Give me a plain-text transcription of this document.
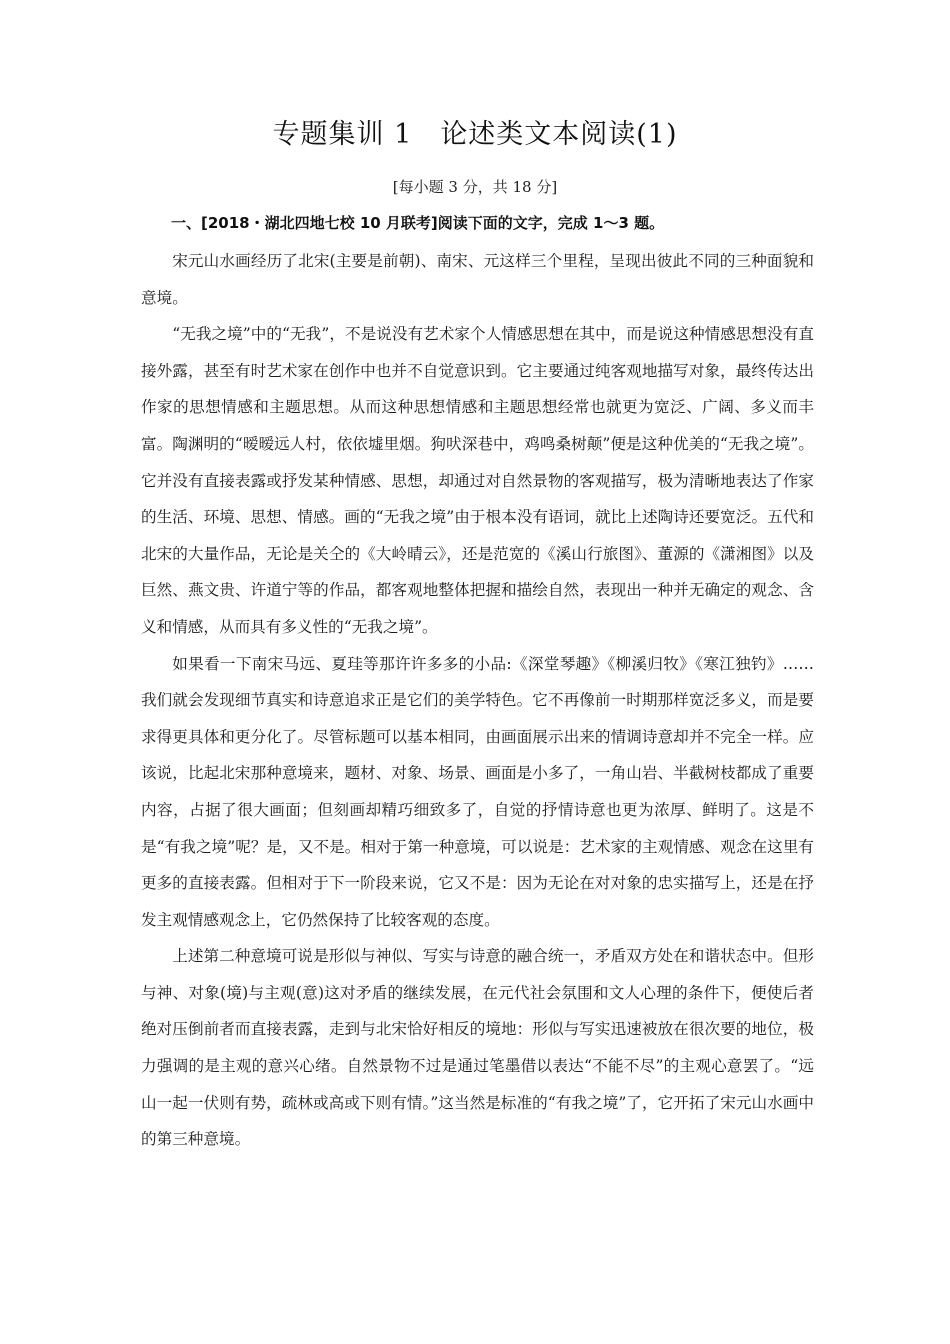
专题集训 1　论述类文本阅读(1)
[每小题 3 分，共 18 分]
一、[2018・湖北四地七校 10 月联考]阅读下面的文字，完成 1～3 题。

宋元山水画经历了北宋(主要是前朝)、南宋、元这样三个里程，呈现出彼此不同的三种面貌和意境。

“无我之境”中的“无我”，不是说没有艺术家个人情感思想在其中，而是说这种情感思想没有直接外露，甚至有时艺术家在创作中也并不自觉意识到。它主要通过纯客观地描写对象，最终传达出作家的思想情感和主题思想。从而这种思想情感和主题思想经常也就更为宽泛、广阔、多义而丰富。陶渊明的“暧暧远人村，依依墟里烟。狗吠深巷中，鸡鸣桑树颠”便是这种优美的“无我之境”。它并没有直接表露或抒发某种情感、思想，却通过对自然景物的客观描写，极为清晰地表达了作家的生活、环境、思想、情感。画的“无我之境”由于根本没有语词，就比上述陶诗还要宽泛。五代和北宋的大量作品，无论是关仝的《大岭晴云》，还是范宽的《溪山行旅图》、董源的《潇湘图》以及巨然、燕文贵、许道宁等的作品，都客观地整体把握和描绘自然，表现出一种并无确定的观念、含义和情感，从而具有多义性的“无我之境”。

如果看一下南宋马远、夏珪等那许许多多的小品:《深堂琴趣》《柳溪归牧》《寒江独钓》……我们就会发现细节真实和诗意追求正是它们的美学特色。它不再像前一时期那样宽泛多义，而是要求得更具体和更分化了。尽管标题可以基本相同，由画面展示出来的情调诗意却并不完全一样。应该说，比起北宋那种意境来，题材、对象、场景、画面是小多了，一角山岩、半截树枝都成了重要内容，占据了很大画面；但刻画却精巧细致多了，自觉的抒情诗意也更为浓厚、鲜明了。这是不是“有我之境”呢？是，又不是。相对于第一种意境，可以说是：艺术家的主观情感、观念在这里有更多的直接表露。但相对于下一阶段来说，它又不是：因为无论在对对象的忠实描写上，还是在抒发主观情感观念上，它仍然保持了比较客观的态度。

上述第二种意境可说是形似与神似、写实与诗意的融合统一，矛盾双方处在和谐状态中。但形与神、对象(境)与主观(意)这对矛盾的继续发展，在元代社会氛围和文人心理的条件下，便使后者绝对压倒前者而直接表露，走到与北宋恰好相反的境地：形似与写实迅速被放在很次要的地位，极力强调的是主观的意兴心绪。自然景物不过是通过笔墨借以表达“不能不尽”的主观心意罢了。“远山一起一伏则有势，疏林或高或下则有情。”这当然是标准的“有我之境”了，它开拓了宋元山水画中的第三种意境。
